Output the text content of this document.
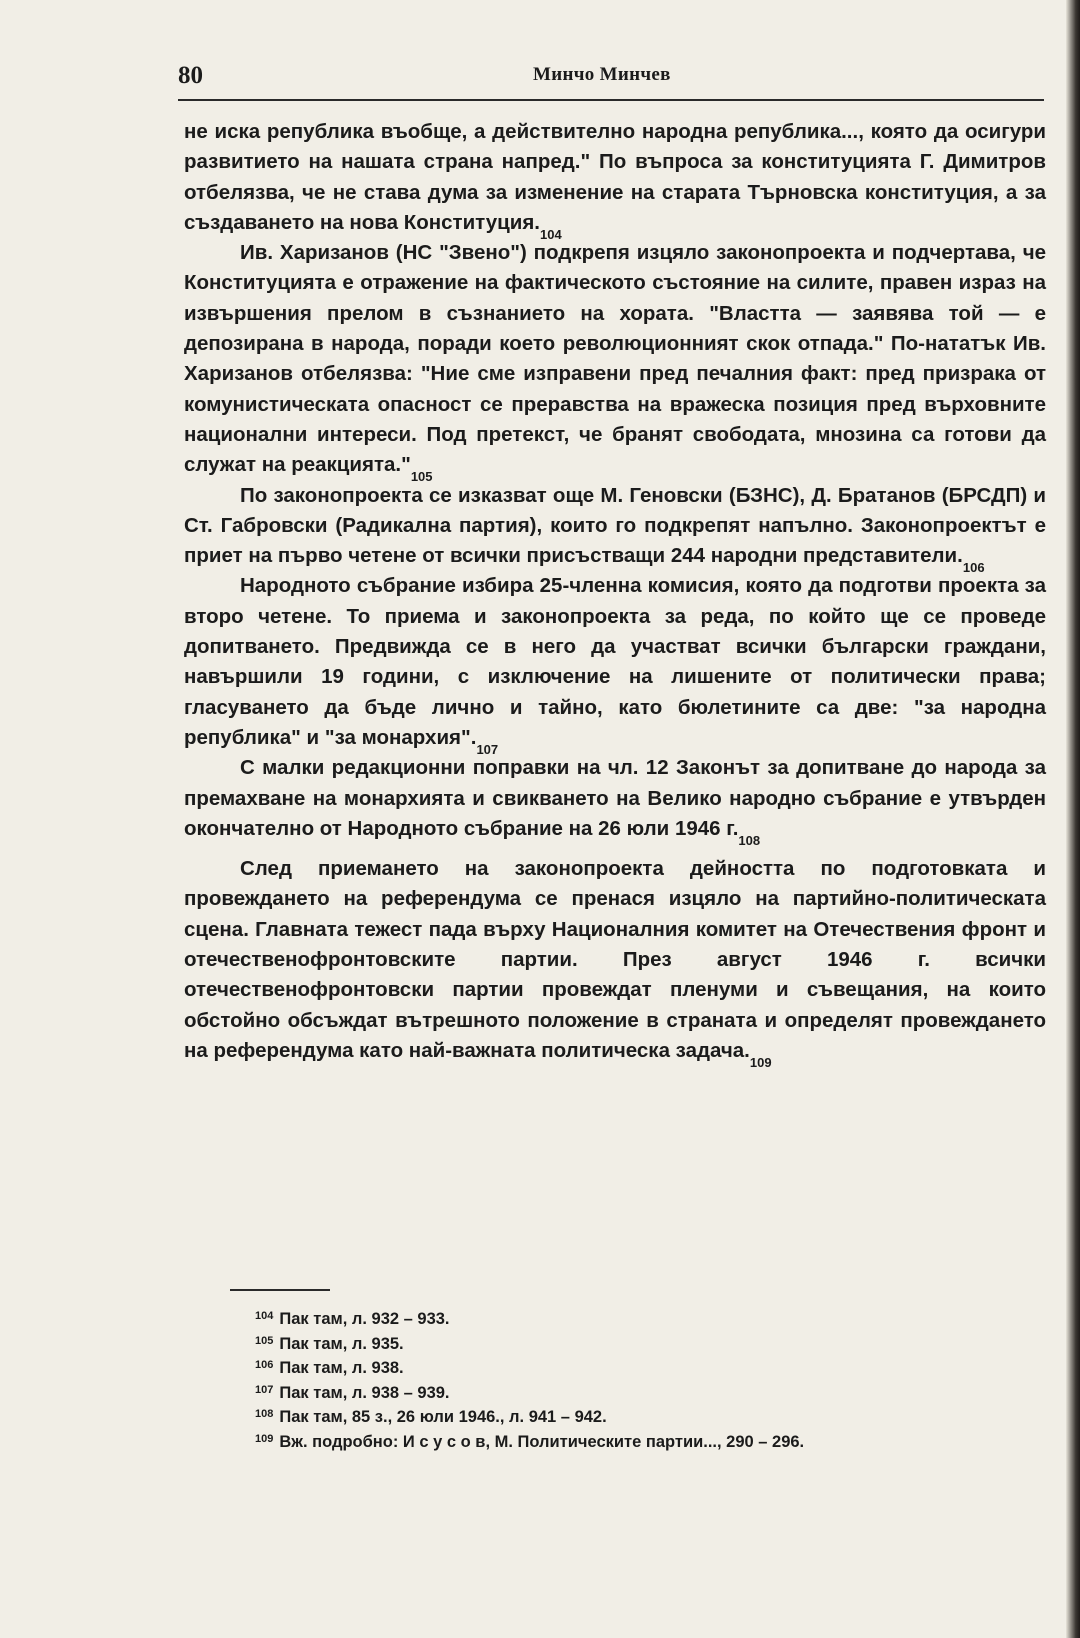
80	Минчо Минчев

не иска република въобще, а действително народна република..., която да осигури развитието на нашата страна напред." По въпроса за конституцията Г. Димитров отбелязва, че не става дума за изменение на старата Търновска конституция, а за създаването на нова Конституция.$^{104}$

Ив. Харизанов (НС "Звено") подкрепя изцяло законопроекта и подчертава, че Конституцията е отражение на фактическото състояние на силите, правен израз на извършения прелом в съзнанието на хората. "Властта — заявява той — е депозирана в народа, поради което революционният скок отпада." По-нататък Ив. Харизанов отбелязва: "Ние сме изправени пред печалния факт: пред призрака от комунистическата опасност се преравства на вражеска позиция пред върховните национални интереси. Под претекст, че бранят свободата, мнозина са готови да служат на реакцията."$^{105}$

По законопроекта се изказват още М. Геновски (БЗНС), Д. Братанов (БРСДП) и Ст. Габровски (Радикална партия), които го подкрепят напълно. Законопроектът е приет на първо четене от всички присъстващи 244 народни представители.$^{106}$

Народното събрание избира 25-членна комисия, която да подготви проекта за второ четене. То приема и законопроекта за реда, по който ще се проведе допитването. Предвижда се в него да участват всички български граждани, навършили 19 години, с изключение на лишените от политически права; гласуването да бъде лично и тайно, като бюлетините са две: "за народна република" и "за монархия".$^{107}$

С малки редакционни поправки на чл. 12 Законът за допитване до народа за премахване на монархията и свикването на Велико народно събрание е утвърден окончателно от Народното събрание на 26 юли 1946 г.$^{108}$

След приемането на законопроекта дейността по подготовката и провеждането на референдума се пренася изцяло на партийно-политическата сцена. Главната тежест пада върху Националния комитет на Отечествения фронт и отечественофронтовските партии. През август 1946 г. всички отечественофронтовски партии провеждат пленуми и съвещания, на които обстойно обсъждат вътрешното положение в страната и определят провеждането на референдума като най-важната политическа задача.$^{109}$

$^{104}$ Пак там, л. 932 – 933.
$^{105}$ Пак там, л. 935.
$^{106}$ Пак там, л. 938.
$^{107}$ Пак там, л. 938 – 939.
$^{108}$ Пак там, 85 з., 26 юли 1946., л. 941 – 942.
$^{109}$ Вж. подробно: И с у с о в, М. Политическите партии..., 290 – 296.
